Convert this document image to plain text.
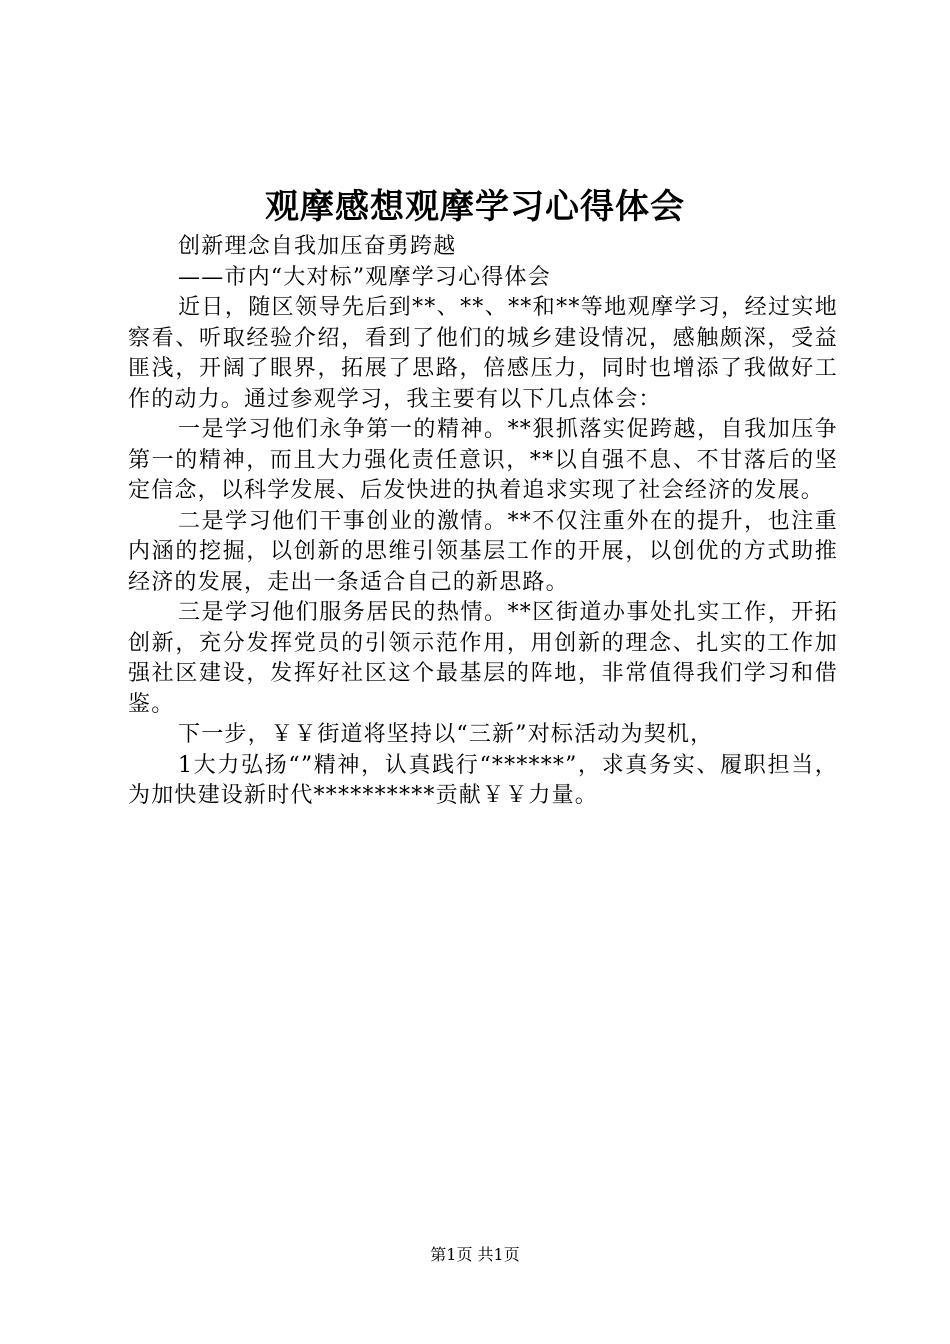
观摩感想观摩学习心得体会

创新理念自我加压奋勇跨越

——市内“大对标”观摩学习心得体会

近日，随区领导先后到**、**、**和**等地观摩学习，经过实地察看、听取经验介绍，看到了他们的城乡建设情况，感触颇深，受益匪浅，开阔了眼界，拓展了思路，倍感压力，同时也增添了我做好工作的动力。通过参观学习，我主要有以下几点体会：

一是学习他们永争第一的精神。**狠抓落实促跨越，自我加压争第一的精神，而且大力强化责任意识，**以自强不息、不甘落后的坚定信念，以科学发展、后发快进的执着追求实现了社会经济的发展。

二是学习他们干事创业的激情。**不仅注重外在的提升，也注重内涵的挖掘，以创新的思维引领基层工作的开展，以创优的方式助推经济的发展，走出一条适合自己的新思路。

三是学习他们服务居民的热情。**区街道办事处扎实工作，开拓创新，充分发挥党员的引领示范作用，用创新的理念、扎实的工作加强社区建设，发挥好社区这个最基层的阵地，非常值得我们学习和借鉴。

下一步，￥￥街道将坚持以“三新”对标活动为契机，

1大力弘扬“”精神，认真践行“******”，求真务实、履职担当，为加快建设新时代**********贡献￥￥力量。

第1页 共1页
